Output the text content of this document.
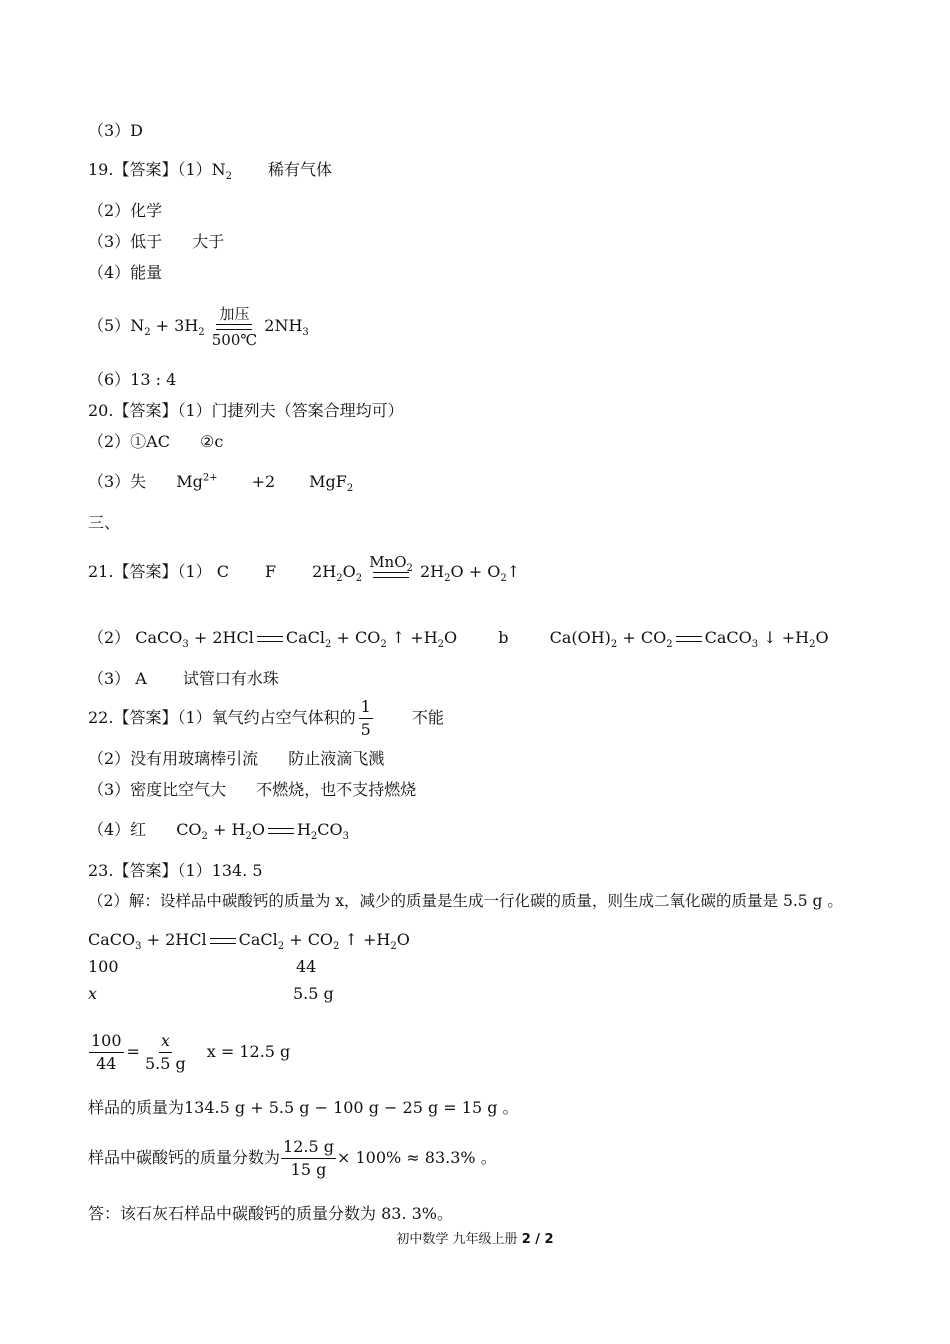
（3）D
19.【答案】$(1)N_2$ 稀有气体
（2）化学
（3）低于 大于
（4）能量
$(5)N_2 + 3H_2$
加压
500℃
$2NH_3$
（6）13 : 4
20.【答案】（1）门捷列夫（答案合理均可）
（2）①AC ②c
（3）失 $Mg^{2+} +2$ MgF$_2$
三、
21.【答案】（1） C F $2H_2O_2$
MnO$_2$ $2H_2O$ + $O_2↑$
（2） CaCO$_3$ + 2HCl CaCl$_2$ + $CO_2$ ↑ $+H_2O$	b	$Ca(OH)_2 + CO_2$ CaCO$_3$ ↓ $+H_2O$
（3） A 试管口有水珠
22.【答案】（1）氧气约占空气体积的 $\frac{1}{5}$ 不能
（2）没有用玻璃棒引流 防止液滴飞溅
（3）密度比空气大 不燃烧，也不支持燃烧
（4）红 $CO_2 + H_2O$ $H_2CO_3$
23.【答案】（1）134. 5
（2）解：设样品中碳酸钙的质量为 x，减少的质量是生成一行化碳的质量，则生成二氧化碳的质量是 5.5 g 。
CaCO$_3$ + 2HCl CaCl$_2$ + $CO_2$ ↑ $+H_2O$
100	44
x	5.5 g
$\frac{100}{44} = \frac{x}{5.5 g}$ x = 12.5 g
样品的质量为134.5 g + 5.5 g − 100 g − 25 g = 15 g 。
样品中碳酸钙的质量分数为 $\frac{12.5 g}{15 g} \times 100\% \approx 83.3\%$ 。
答：该石灰石样品中碳酸钙的质量分数为 83. 3%。
初中数学 九年级上册 2 / 2
